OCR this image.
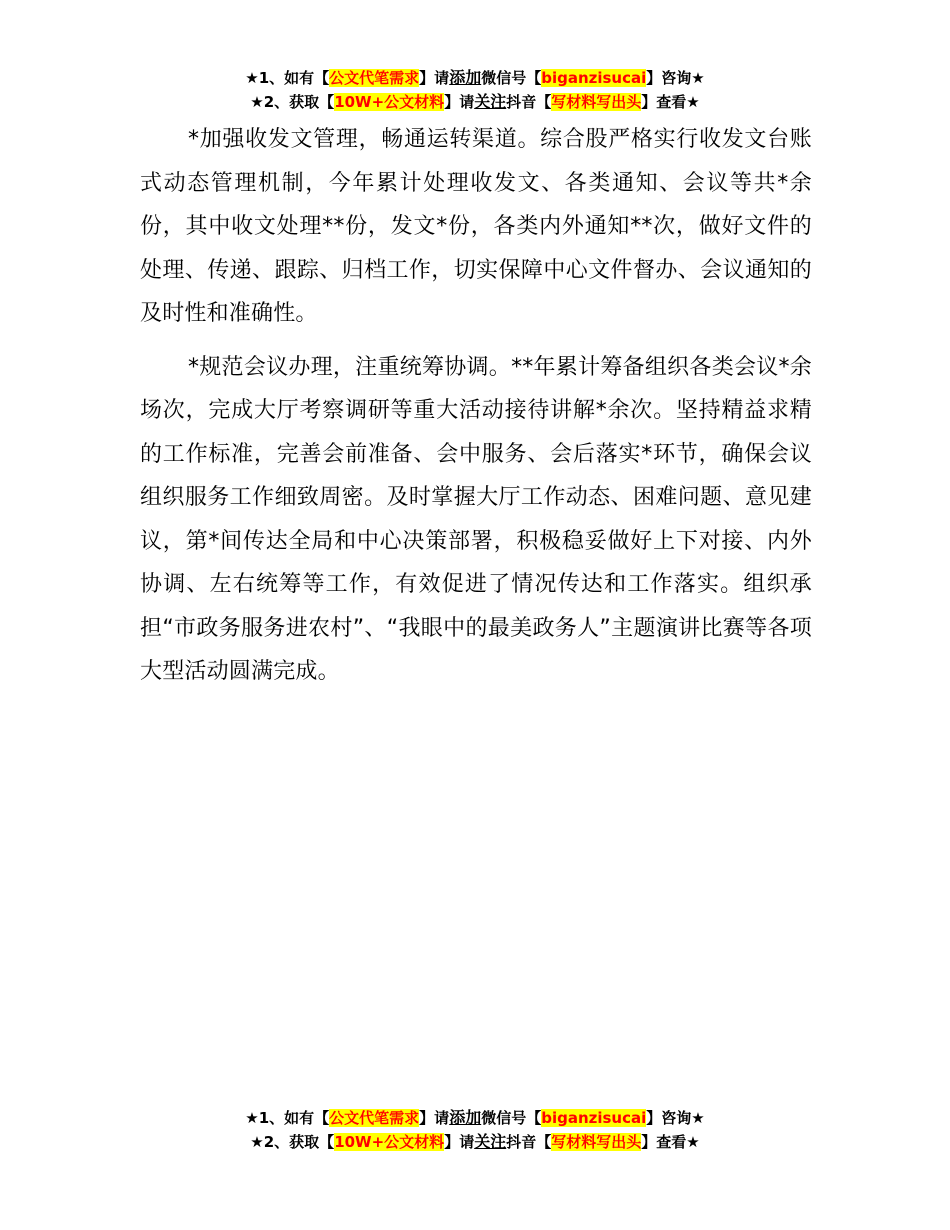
★1、如有【公文代笔需求】请添加微信号【biganzisucai】咨询★
★2、获取【10W+公文材料】请关注抖音【写材料写出头】查看★

*加强收发文管理，畅通运转渠道。综合股严格实行收发文台账式动态管理机制，今年累计处理收发文、各类通知、会议等共*余份，其中收文处理**份，发文*份，各类内外通知**次，做好文件的处理、传递、跟踪、归档工作，切实保障中心文件督办、会议通知的及时性和准确性。

*规范会议办理，注重统筹协调。**年累计筹备组织各类会议*余场次，完成大厅考察调研等重大活动接待讲解*余次。坚持精益求精的工作标准，完善会前准备、会中服务、会后落实*环节，确保会议组织服务工作细致周密。及时掌握大厅工作动态、困难问题、意见建议，第*间传达全局和中心决策部署，积极稳妥做好上下对接、内外协调、左右统筹等工作，有效促进了情况传达和工作落实。组织承担“市政务服务进农村”、“我眼中的最美政务人”主题演讲比赛等各项大型活动圆满完成。

★1、如有【公文代笔需求】请添加微信号【biganzisucai】咨询★
★2、获取【10W+公文材料】请关注抖音【写材料写出头】查看★
